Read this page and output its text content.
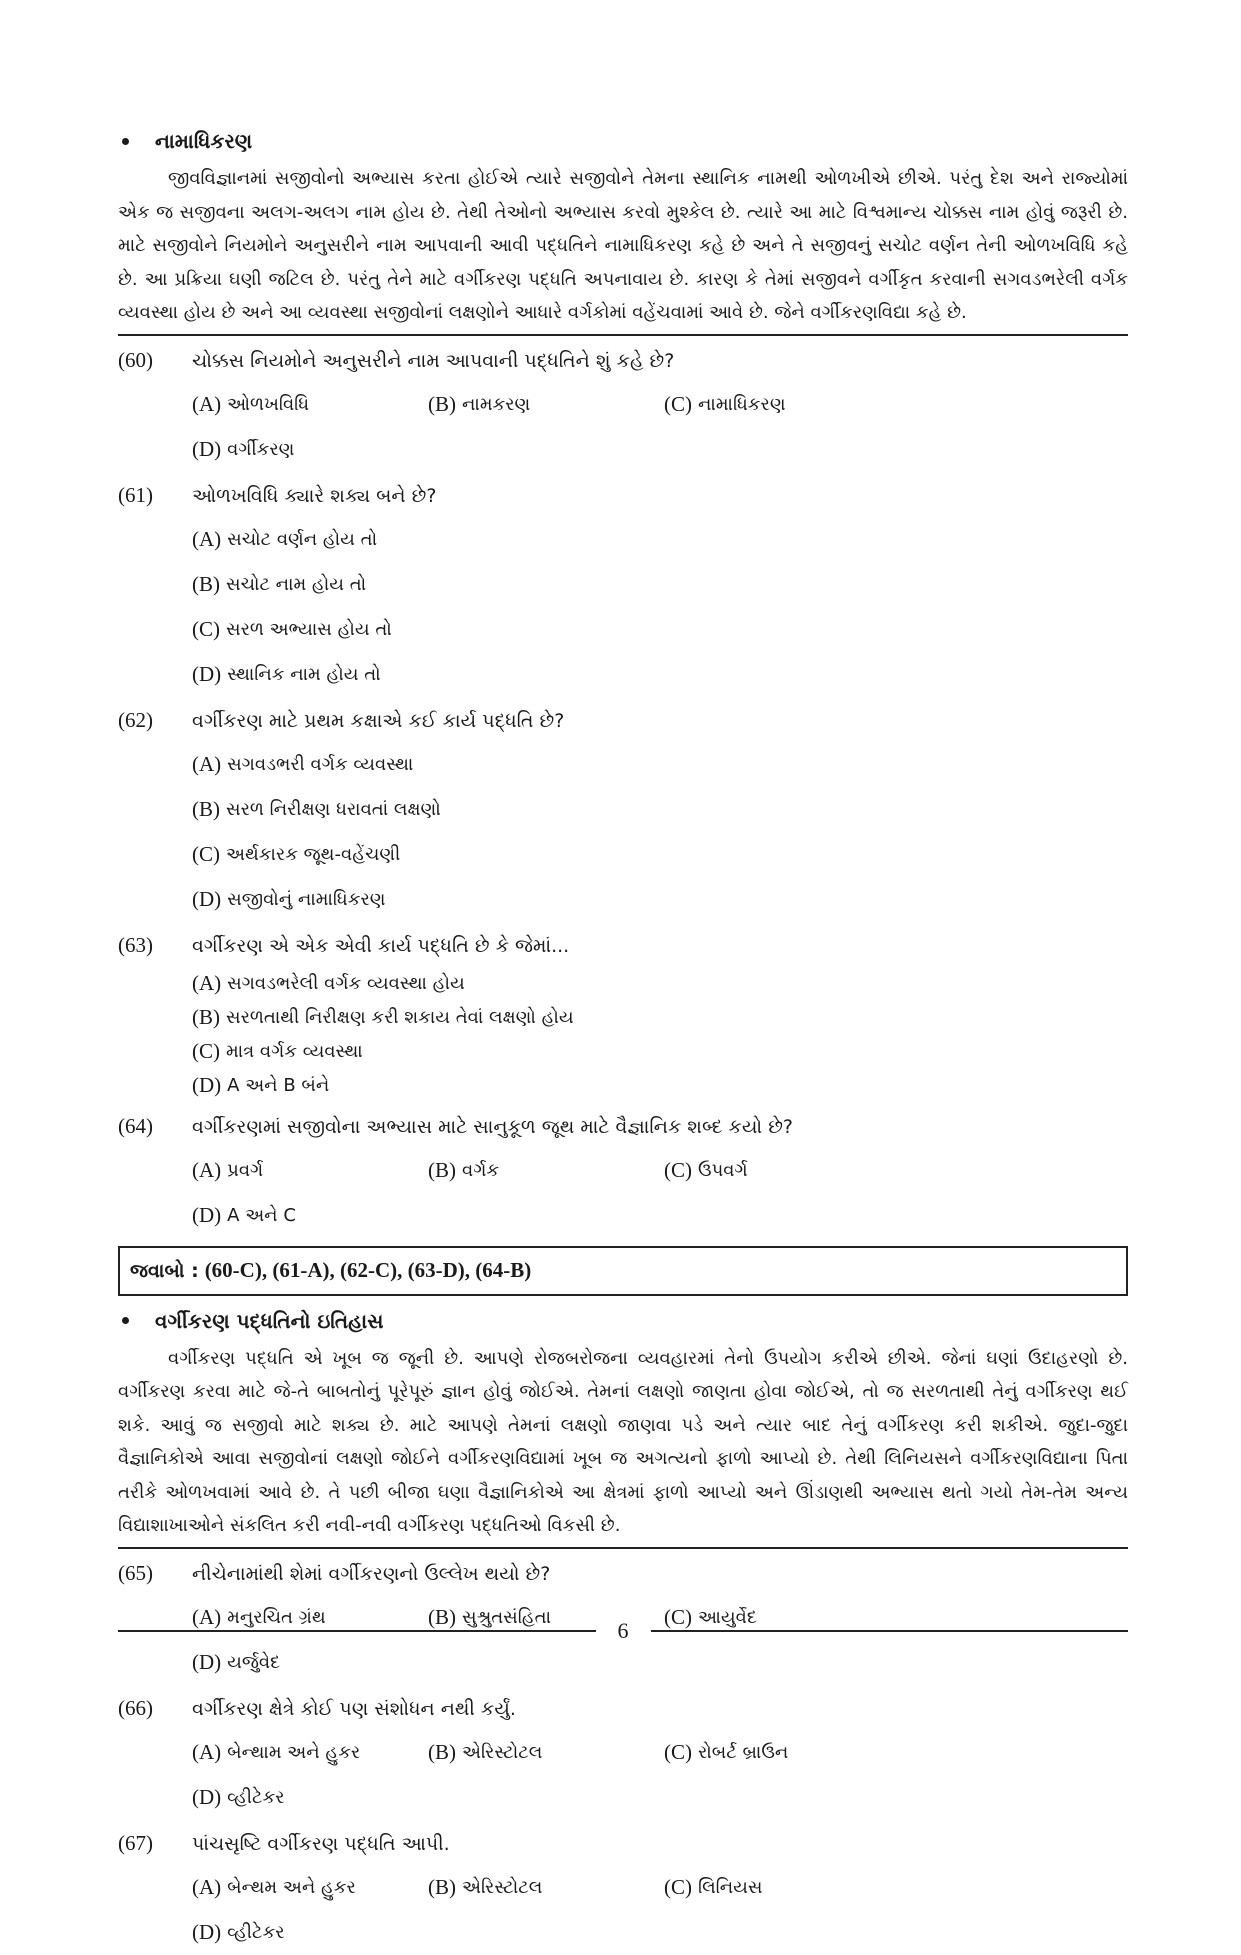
નામાધિકરણ

જીવવિજ્ઞાનમાં સજીવોનો અભ્યાસ કરતા હોઈએ ત્યારે સજીવોને તેમના સ્થાનિક નામથી ઓળખીએ છીએ. પરંતુ દેશ અને રાજ્યોમાં એક જ સજીવના અલગ-અલગ નામ હોય છે. તેથી તેઓનો અભ્યાસ કરવો મુશ્કેલ છે. ત્યારે આ માટે વિશ્વમાન્ય ચોક્કસ નામ હોવું જરૂરી છે. માટે સજીવોને નિયમોને અનુસરીને નામ આપવાની આવી પદ્ધતિને નામાધિકરણ કહે છે અને તે સજીવનું સચોટ વર્ણન તેની ઓળખવિધિ કહે છે. આ પ્રક્રિયા ઘણી જટિલ છે. પરંતુ તેને માટે વર્ગીકરણ પદ્ધતિ અપનાવાય છે. કારણ કે તેમાં સજીવને વર્ગીકૃત કરવાની સગવડભરેલી વર્ગક વ્યવસ્થા હોય છે અને આ વ્યવસ્થા સજીવોનાં લક્ષણોને આધારે વર્ગકોમાં વહેંચવામાં આવે છે. જેને વર્ગીકરણવિદ્યા કહે છે.

(60)	ચોક્કસ નિયમોને અનુસરીને નામ આપવાની પદ્ધતિને શું કહે છે?
(A) ઓળખવિધિ	(B) નામકરણ	(C) નામાધિકરણ
(D) વર્ગીકરણ
(61)	ઓળખવિધિ ક્યારે શક્ય બને છે?
(A) સચોટ વર્ણન હોય તો
(B) સચોટ નામ હોય તો
(C) સરળ અભ્યાસ હોય તો
(D) સ્થાનિક નામ હોય તો
(62)	વર્ગીકરણ માટે પ્રથમ કક્ષાએ કઈ કાર્ય પદ્ધતિ છે?
(A) સગવડભરી વર્ગક વ્યવસ્થા
(B) સરળ નિરીક્ષણ ધરાવતાં લક્ષણો
(C) અર્થકારક જૂથ-વહેંચણી
(D) સજીવોનું નામાધિકરણ
(63)	વર્ગીકરણ એ એક એવી કાર્ય પદ્ધતિ છે કે જેમાં...
(A) સગવડભરેલી વર્ગક વ્યવસ્થા હોય
(B) સરળતાથી નિરીક્ષણ કરી શકાય તેવાં લક્ષણો હોય
(C) માત્ર વર્ગક વ્યવસ્થા
(D) A અને B બંને
(64)	વર્ગીકરણમાં સજીવોના અભ્યાસ માટે સાનુકૂળ જૂથ માટે વૈજ્ઞાનિક શબ્દ કયો છે?
(A) પ્રવર્ગ	(B) વર્ગક	(C) ઉપવર્ગ
(D) A અને C
જવાબો : (60-C), (61-A), (62-C), (63-D), (64-B)
વર્ગીકરણ પદ્ધતિનો ઇતિહાસ

વર્ગીકરણ પદ્ધતિ એ ખૂબ જ જૂની છે. આપણે રોજબરોજના વ્યવહારમાં તેનો ઉપયોગ કરીએ છીએ. જેનાં ઘણાં ઉદાહરણો છે. વર્ગીકરણ કરવા માટે જે-તે બાબતોનું પૂરેપૂરું જ્ઞાન હોવું જોઈએ. તેમનાં લક્ષણો જાણતા હોવા જોઈએ, તો જ સરળતાથી તેનું વર્ગીકરણ થઈ શકે. આવું જ સજીવો માટે શક્ય છે. માટે આપણે તેમનાં લક્ષણો જાણવા પડે અને ત્યાર બાદ તેનું વર્ગીકરણ કરી શકીએ. જુદા-જુદા વૈજ્ઞાનિકોએ આવા સજીવોનાં લક્ષણો જોઈને વર્ગીકરણવિદ્યામાં ખૂબ જ અગત્યનો ફાળો આપ્યો છે. તેથી લિનિયસને વર્ગીકરણવિદ્યાના પિતા તરીકે ઓળખવામાં આવે છે. તે પછી બીજા ઘણા વૈજ્ઞાનિકોએ આ ક્ષેત્રમાં ફાળો આપ્યો અને ઊંડાણથી અભ્યાસ થતો ગયો તેમ-તેમ અન્ય વિદ્યાશાખાઓને સંકલિત કરી નવી-નવી વર્ગીકરણ પદ્ધતિઓ વિકસી છે.

(65)	નીચેનામાંથી શેમાં વર્ગીકરણનો ઉલ્લેખ થયો છે?
(A) મનુરચિત ગ્રંથ	(B) સુશ્રુતસંહિતા	(C) આયુર્વેદ
(D) યર્જુવેદ
(66)	વર્ગીકરણ ક્ષેત્રે કોઈ પણ સંશોધન નથી કર્યું.
(A) બેન્થામ અને હુકર	(B) એરિસ્ટોટલ	(C) રોબર્ટ બ્રાઉન
(D) વ્હીટેકર
(67)	પાંચસૃષ્ટિ વર્ગીકરણ પદ્ધતિ આપી.
(A) બેન્થમ અને હુકર	(B) એરિસ્ટોટલ	(C) લિનિયસ
(D) વ્હીટેકર
6
